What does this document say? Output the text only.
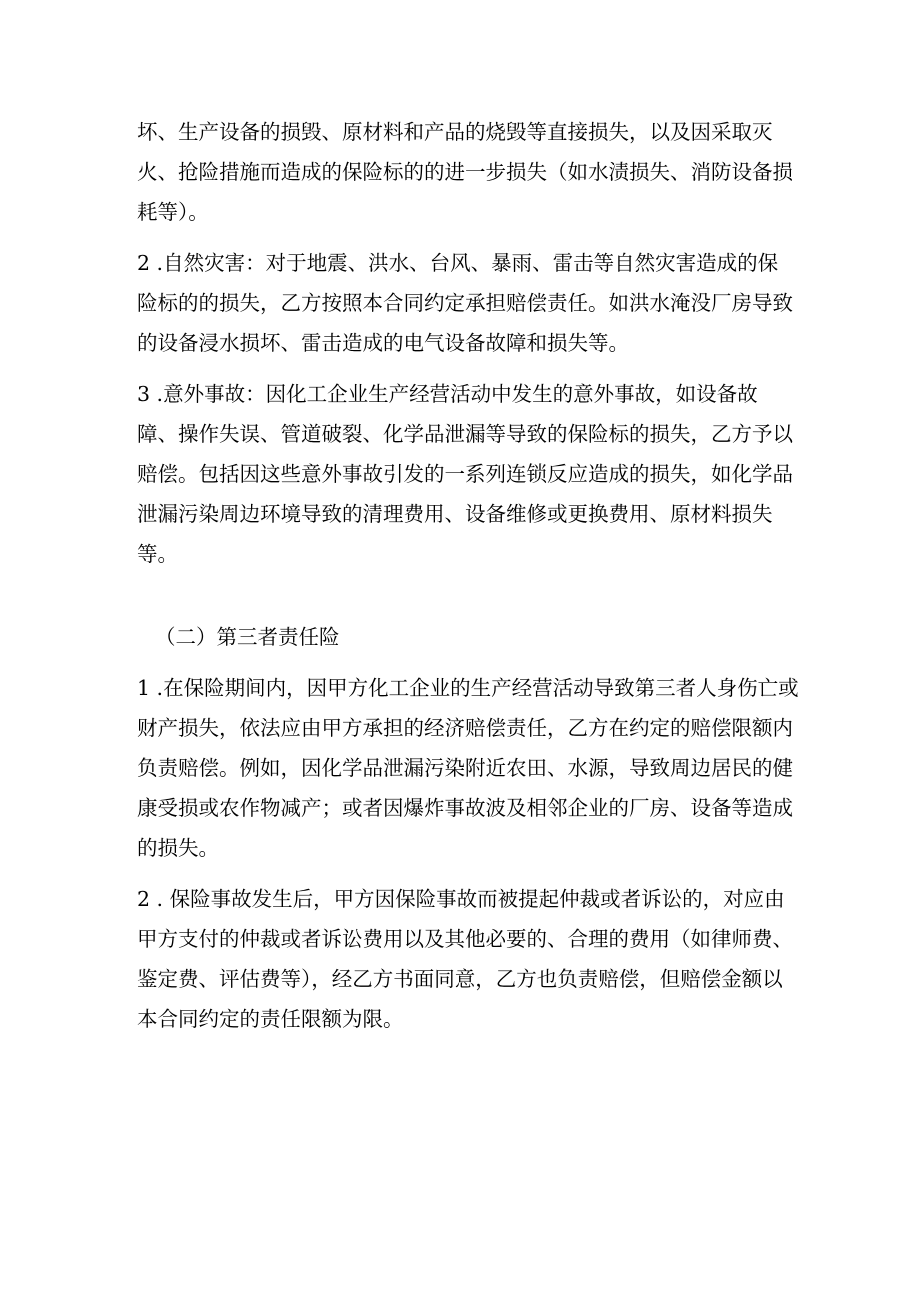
坏、生产设备的损毁、原材料和产品的烧毁等直接损失，以及因采取灭
火、抢险措施而造成的保险标的的进一步损失（如水渍损失、消防设备损
耗等）。
2 .自然灾害：对于地震、洪水、台风、暴雨、雷击等自然灾害造成的保
险标的的损失，乙方按照本合同约定承担赔偿责任。如洪水淹没厂房导致
的设备浸水损坏、雷击造成的电气设备故障和损失等。
3 .意外事故：因化工企业生产经营活动中发生的意外事故，如设备故
障、操作失误、管道破裂、化学品泄漏等导致的保险标的损失，乙方予以
赔偿。包括因这些意外事故引发的一系列连锁反应造成的损失，如化学品
泄漏污染周边环境导致的清理费用、设备维修或更换费用、原材料损失
等。
（二）第三者责任险
1 .在保险期间内，因甲方化工企业的生产经营活动导致第三者人身伤亡或
财产损失，依法应由甲方承担的经济赔偿责任，乙方在约定的赔偿限额内
负责赔偿。例如，因化学品泄漏污染附近农田、水源，导致周边居民的健
康受损或农作物减产；或者因爆炸事故波及相邻企业的厂房、设备等造成
的损失。
2 . 保险事故发生后，甲方因保险事故而被提起仲裁或者诉讼的，对应由
甲方支付的仲裁或者诉讼费用以及其他必要的、合理的费用（如律师费、
鉴定费、评估费等），经乙方书面同意，乙方也负责赔偿，但赔偿金额以
本合同约定的责任限额为限。
